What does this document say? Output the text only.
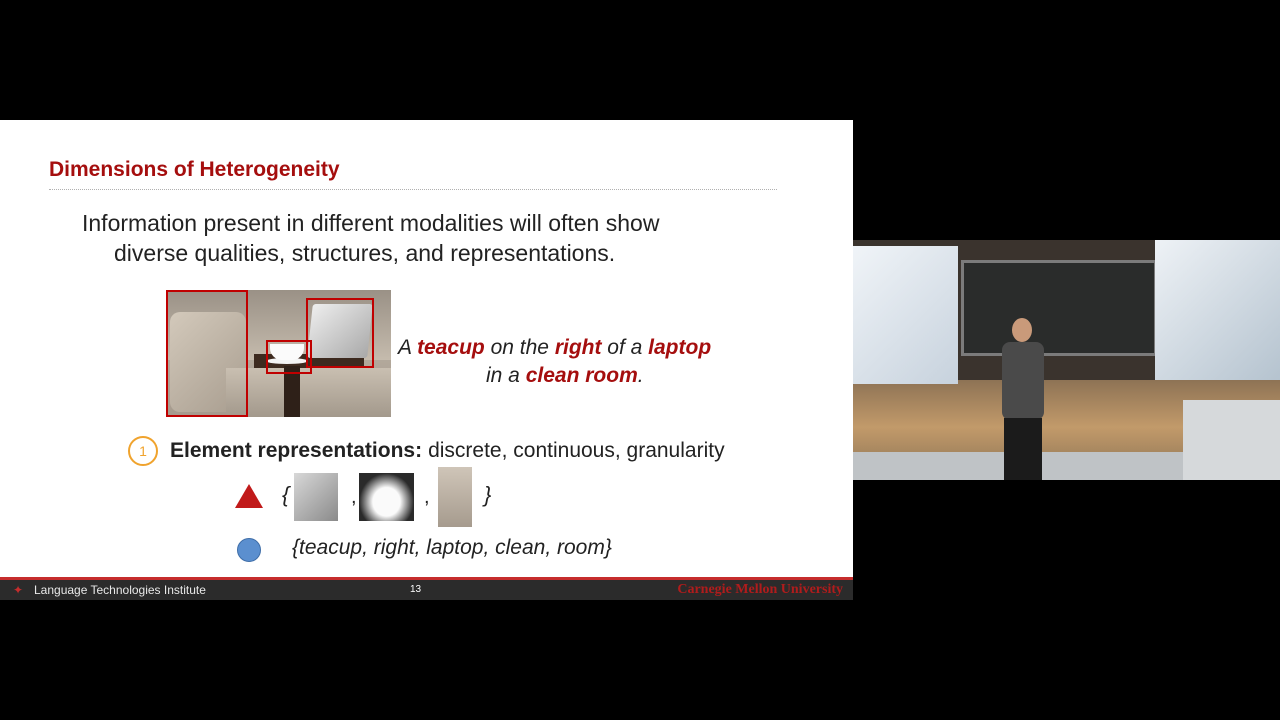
Dimensions of Heterogeneity
Information present in different modalities will often show
diverse qualities, structures, and representations.
A teacup on the right of a laptop
in a clean room.
1	Element representations: discrete, continuous, granularity
{	,	, }
{teacup, right, laptop, clean, room}
✦ Language Technologies Institute	13	Carnegie Mellon University
